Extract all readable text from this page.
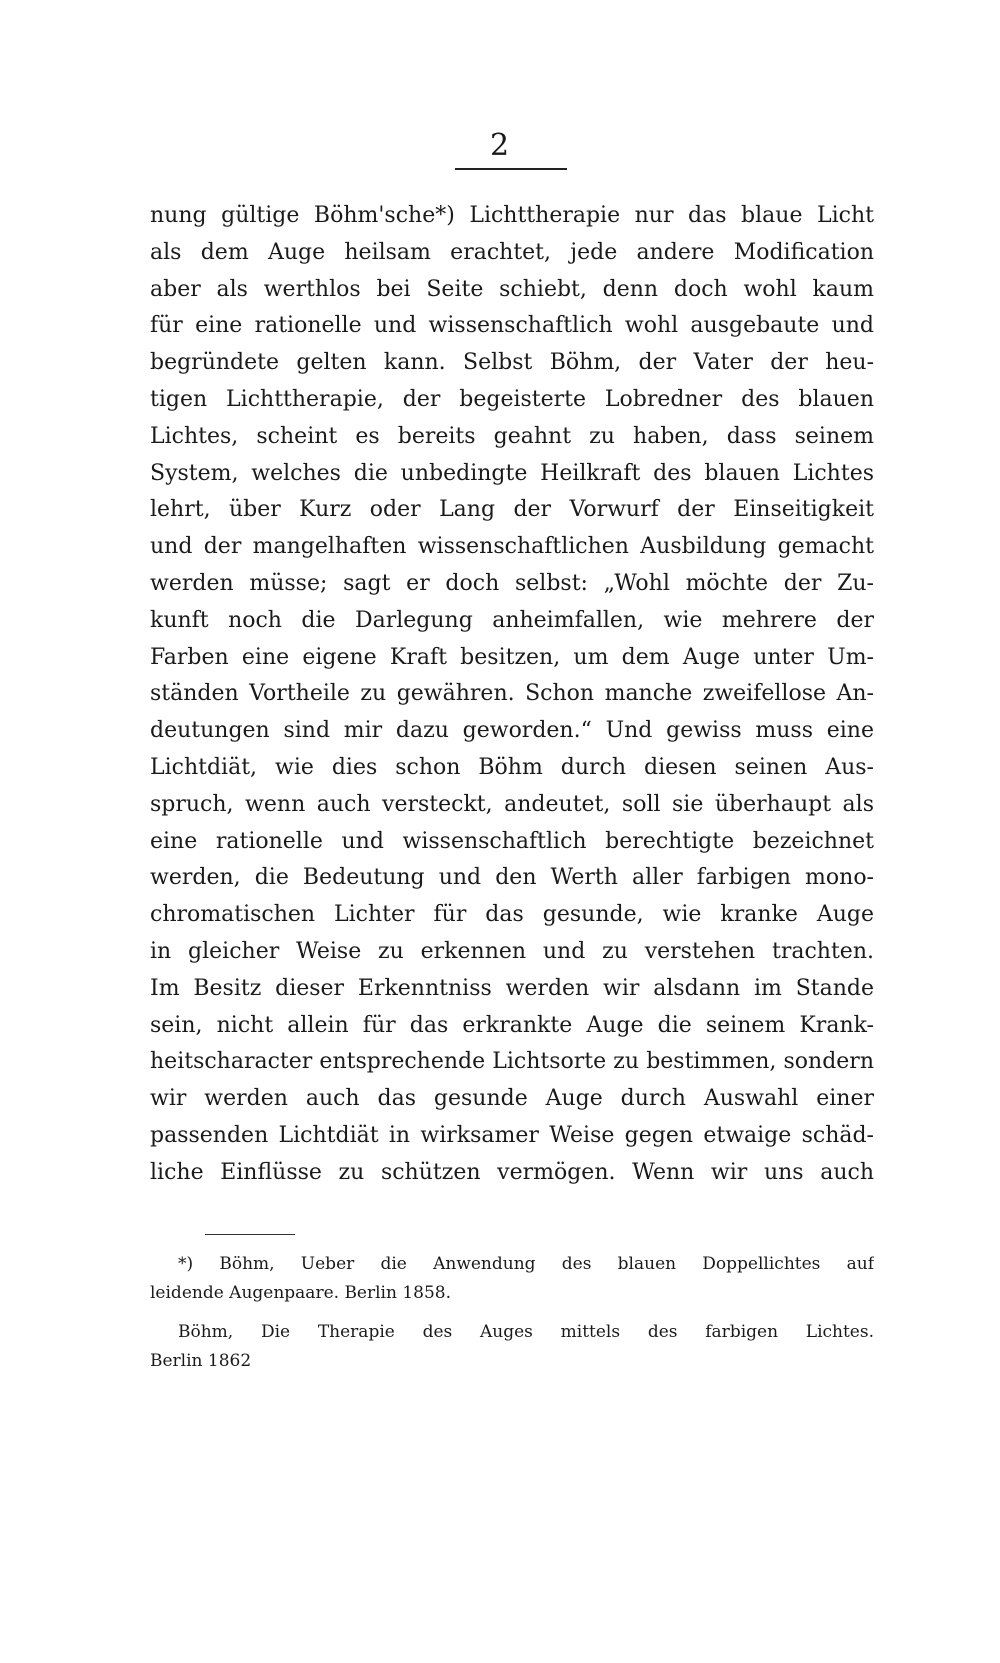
2
nung gültige Böhm'sche*) Lichttherapie nur das blaue Licht
als dem Auge heilsam erachtet, jede andere Modification
aber als werthlos bei Seite schiebt, denn doch wohl kaum
für eine rationelle und wissenschaftlich wohl ausgebaute und
begründete gelten kann. Selbst Böhm, der Vater der heu-
tigen Lichttherapie, der begeisterte Lobredner des blauen
Lichtes, scheint es bereits geahnt zu haben, dass seinem
System, welches die unbedingte Heilkraft des blauen Lichtes
lehrt, über Kurz oder Lang der Vorwurf der Einseitigkeit
und der mangelhaften wissenschaftlichen Ausbildung gemacht
werden müsse; sagt er doch selbst: „Wohl möchte der Zu-
kunft noch die Darlegung anheimfallen, wie mehrere der
Farben eine eigene Kraft besitzen, um dem Auge unter Um-
ständen Vortheile zu gewähren. Schon manche zweifellose An-
deutungen sind mir dazu geworden.“ Und gewiss muss eine
Lichtdiät, wie dies schon Böhm durch diesen seinen Aus-
spruch, wenn auch versteckt, andeutet, soll sie überhaupt als
eine rationelle und wissenschaftlich berechtigte bezeichnet
werden, die Bedeutung und den Werth aller farbigen mono-
chromatischen Lichter für das gesunde, wie kranke Auge
in gleicher Weise zu erkennen und zu verstehen trachten.
Im Besitz dieser Erkenntniss werden wir alsdann im Stande
sein, nicht allein für das erkrankte Auge die seinem Krank-
heitscharacter entsprechende Lichtsorte zu bestimmen, sondern
wir werden auch das gesunde Auge durch Auswahl einer
passenden Lichtdiät in wirksamer Weise gegen etwaige schäd-
liche Einflüsse zu schützen vermögen. Wenn wir uns auch
*) Böhm, Ueber die Anwendung des blauen Doppellichtes auf
leidende Augenpaare. Berlin 1858.
Böhm, Die Therapie des Auges mittels des farbigen Lichtes.
Berlin 1862
